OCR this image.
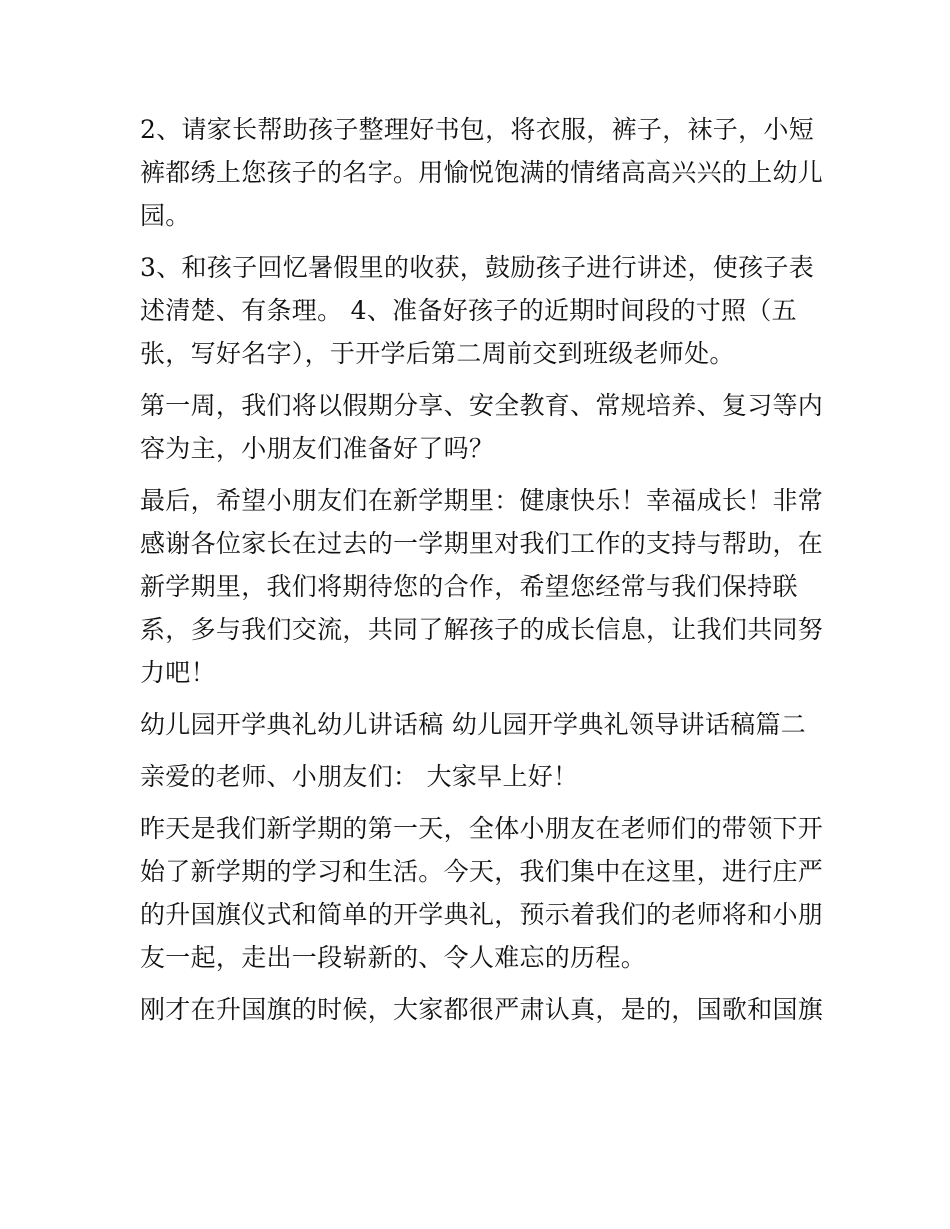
2、请家长帮助孩子整理好书包，将衣服，裤子，袜子，小短

裤都绣上您孩子的名字。用愉悦饱满的情绪高高兴兴的上幼儿

园。

3、和孩子回忆暑假里的收获，鼓励孩子进行讲述，使孩子表

述清楚、有条理。 4、准备好孩子的近期时间段的寸照（五

张，写好名字），于开学后第二周前交到班级老师处。

第一周，我们将以假期分享、安全教育、常规培养、复习等内

容为主，小朋友们准备好了吗？

最后，希望小朋友们在新学期里：健康快乐！幸福成长！非常

感谢各位家长在过去的一学期里对我们工作的支持与帮助，在

新学期里，我们将期待您的合作，希望您经常与我们保持联

系，多与我们交流，共同了解孩子的成长信息，让我们共同努

力吧！

幼儿园开学典礼幼儿讲话稿 幼儿园开学典礼领导讲话稿篇二

亲爱的老师、小朋友们： 大家早上好！

昨天是我们新学期的第一天，全体小朋友在老师们的带领下开

始了新学期的学习和生活。今天，我们集中在这里，进行庄严

的升国旗仪式和简单的开学典礼，预示着我们的老师将和小朋

友一起，走出一段崭新的、令人难忘的历程。

刚才在升国旗的时候，大家都很严肃认真，是的，国歌和国旗
